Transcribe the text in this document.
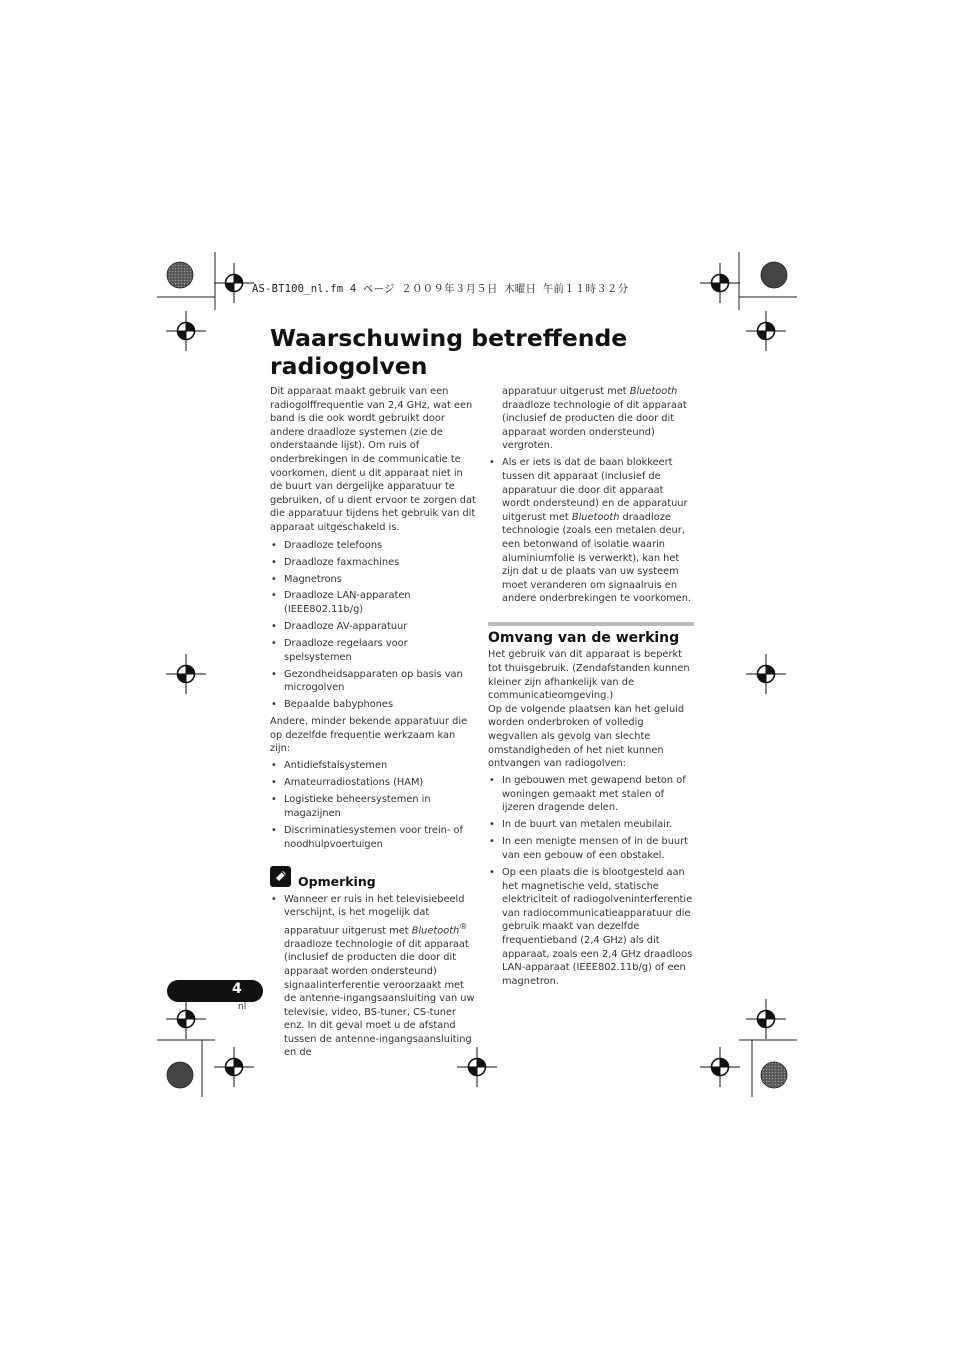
AS-BT100_nl.fm 4 ページ ２００９年３月５日 木曜日 午前１１時３２分
Waarschuwing betreffende
radiogolven

Dit apparaat maakt gebruik van een radiogolffrequentie van 2,4 GHz, wat een band is die ook wordt gebruikt door andere draadloze systemen (zie de onderstaande lijst). Om ruis of onderbrekingen in de communicatie te voorkomen, dient u dit apparaat niet in de buurt van dergelijke apparatuur te gebruiken, of u dient ervoor te zorgen dat die apparatuur tijdens het gebruik van dit apparaat uitgeschakeld is.

• Draadloze telefoons
• Draadloze faxmachines
• Magnetrons
• Draadloze LAN-apparaten (IEEE802.11b/g)
• Draadloze AV-apparatuur
• Draadloze regelaars voor spelsystemen
• Gezondheidsapparaten op basis van microgolven
• Bepaalde babyphones

Andere, minder bekende apparatuur die op dezelfde frequentie werkzaam kan zijn:

• Antidiefstalsystemen
• Amateurradiostations (HAM)
• Logistieke beheersystemen in magazijnen
• Discriminatiesystemen voor trein- of noodhulpvoertuigen
Opmerking
• Wanneer er ruis in het televisiebeeld verschijnt, is het mogelijk dat apparatuur uitgerust met Bluetooth® draadloze technologie of dit apparaat (inclusief de producten die door dit apparaat worden ondersteund) signaalinterferentie veroorzaakt met de antenne-ingangsaansluiting van uw televisie, video, BS-tuner, CS-tuner enz. In dit geval moet u de afstand tussen de antenne-ingangsaansluiting en de

apparatuur uitgerust met Bluetooth draadloze technologie of dit apparaat (inclusief de producten die door dit apparaat worden ondersteund) vergroten.

• Als er iets is dat de baan blokkeert tussen dit apparaat (inclusief de apparatuur die door dit apparaat wordt ondersteund) en de apparatuur uitgerust met Bluetooth draadloze technologie (zoals een metalen deur, een betonwand of isolatie waarin aluminiumfolie is verwerkt), kan het zijn dat u de plaats van uw systeem moet veranderen om signaalruis en andere onderbrekingen te voorkomen.
Omvang van de werking

Het gebruik van dit apparaat is beperkt tot thuisgebruik. (Zendafstanden kunnen kleiner zijn afhankelijk van de communicatieomgeving.)

Op de volgende plaatsen kan het geluid worden onderbroken of volledig wegvallen als gevolg van slechte omstandigheden of het niet kunnen ontvangen van radiogolven:

• In gebouwen met gewapend beton of woningen gemaakt met stalen of ijzeren dragende delen.
• In de buurt van metalen meubilair.
• In een menigte mensen of in de buurt van een gebouw of een obstakel.
• Op een plaats die is blootgesteld aan het magnetische veld, statische elektriciteit of radiogolveninterferentie van radiocommunicatieapparatuur die gebruik maakt van dezelfde frequentieband (2,4 GHz) als dit apparaat, zoals een 2,4 GHz draadloos LAN-apparaat (IEEE802.11b/g) of een magnetron.
4
nl
